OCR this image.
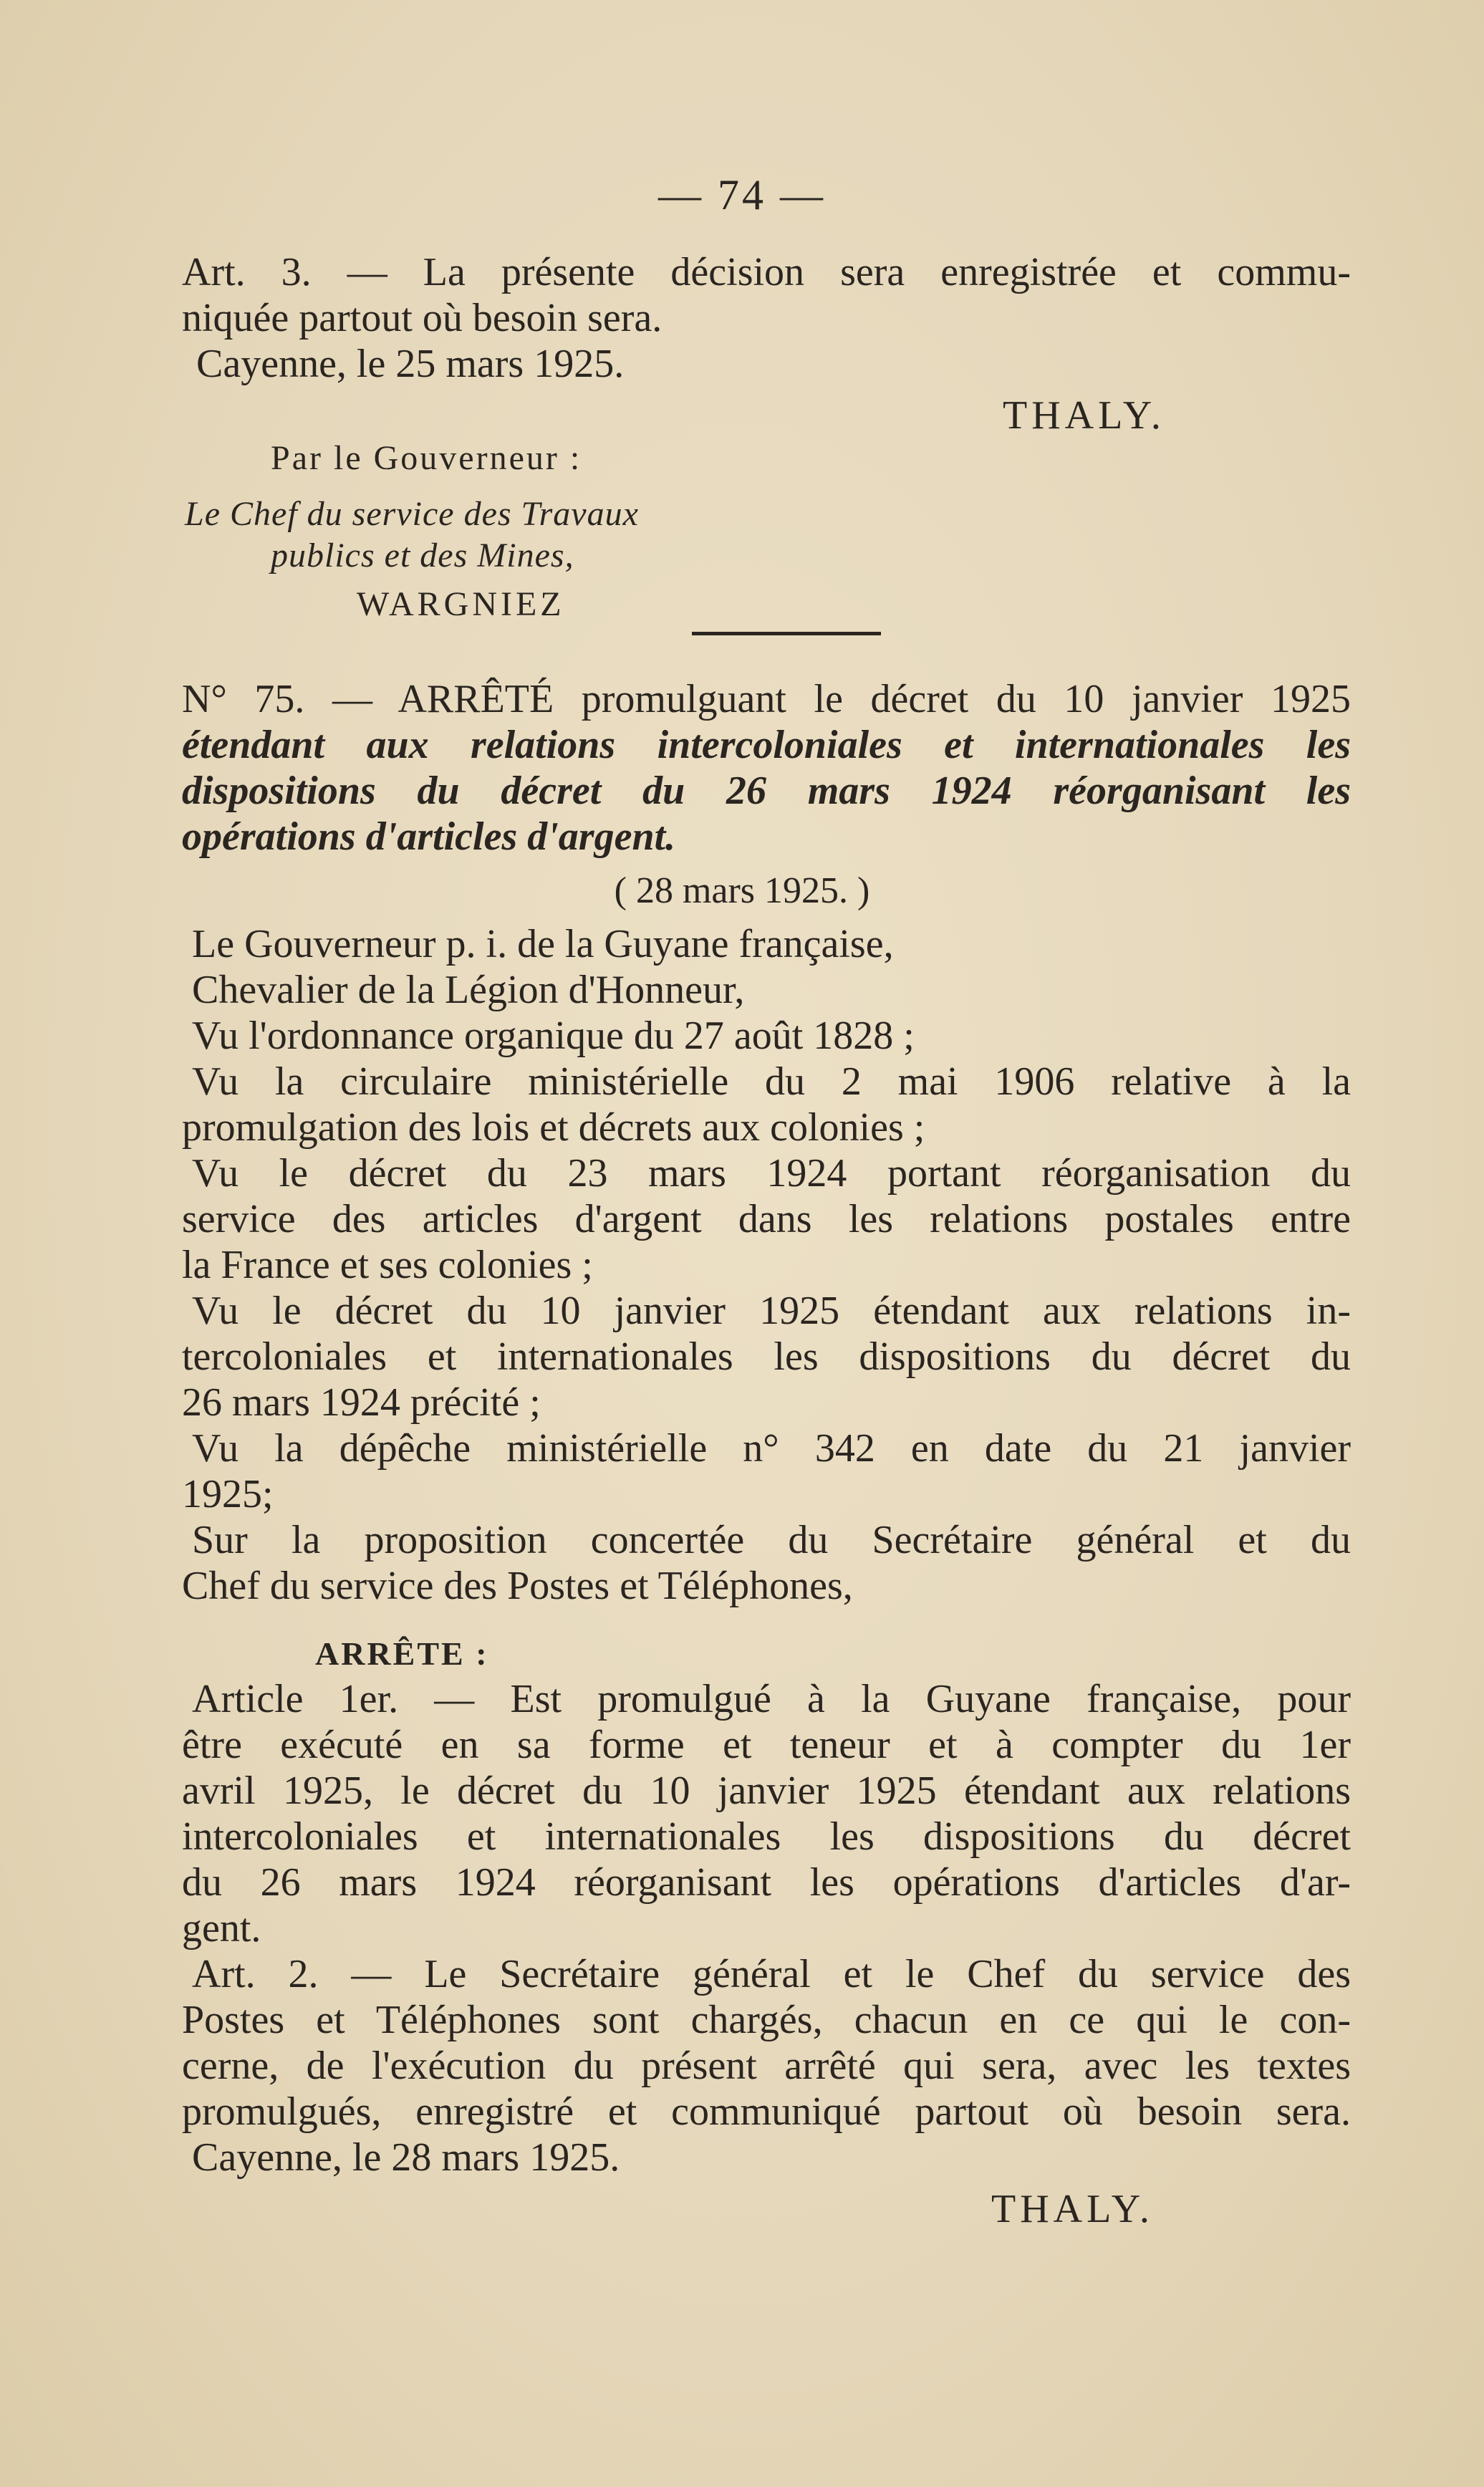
— 74 —
Art. 3. — La présente décision sera enregistrée et commu-
niquée partout où besoin sera.
Cayenne, le 25 mars 1925.
THALY.
Par le Gouverneur :
Le Chef du service des Travaux
publics et des Mines,
WARGNIEZ
N° 75. — ARRÊTÉ promulguant le décret du 10 janvier 1925
étendant aux relations intercoloniales et internationales les
dispositions du décret du 26 mars 1924 réorganisant les
opérations d'articles d'argent.
( 28 mars 1925. )
Le Gouverneur p. i. de la Guyane française,
Chevalier de la Légion d'Honneur,
Vu l'ordonnance organique du 27 août 1828 ;
Vu la circulaire ministérielle du 2 mai 1906 relative à la
promulgation des lois et décrets aux colonies ;
Vu le décret du 23 mars 1924 portant réorganisation du
service des articles d'argent dans les relations postales entre
la France et ses colonies ;
Vu le décret du 10 janvier 1925 étendant aux relations in-
tercoloniales et internationales les dispositions du décret du
26 mars 1924 précité ;
Vu la dépêche ministérielle n° 342 en date du 21 janvier
1925;
Sur la proposition concertée du Secrétaire général et du
Chef du service des Postes et Téléphones,
ARRÊTE :
Article 1er. — Est promulgué à la Guyane française, pour
être exécuté en sa forme et teneur et à compter du 1er
avril 1925, le décret du 10 janvier 1925 étendant aux relations
intercoloniales et internationales les dispositions du décret
du 26 mars 1924 réorganisant les opérations d'articles d'ar-
gent.
Art. 2. — Le Secrétaire général et le Chef du service des
Postes et Téléphones sont chargés, chacun en ce qui le con-
cerne, de l'exécution du présent arrêté qui sera, avec les textes
promulgués, enregistré et communiqué partout où besoin sera.
Cayenne, le 28 mars 1925.
THALY.
